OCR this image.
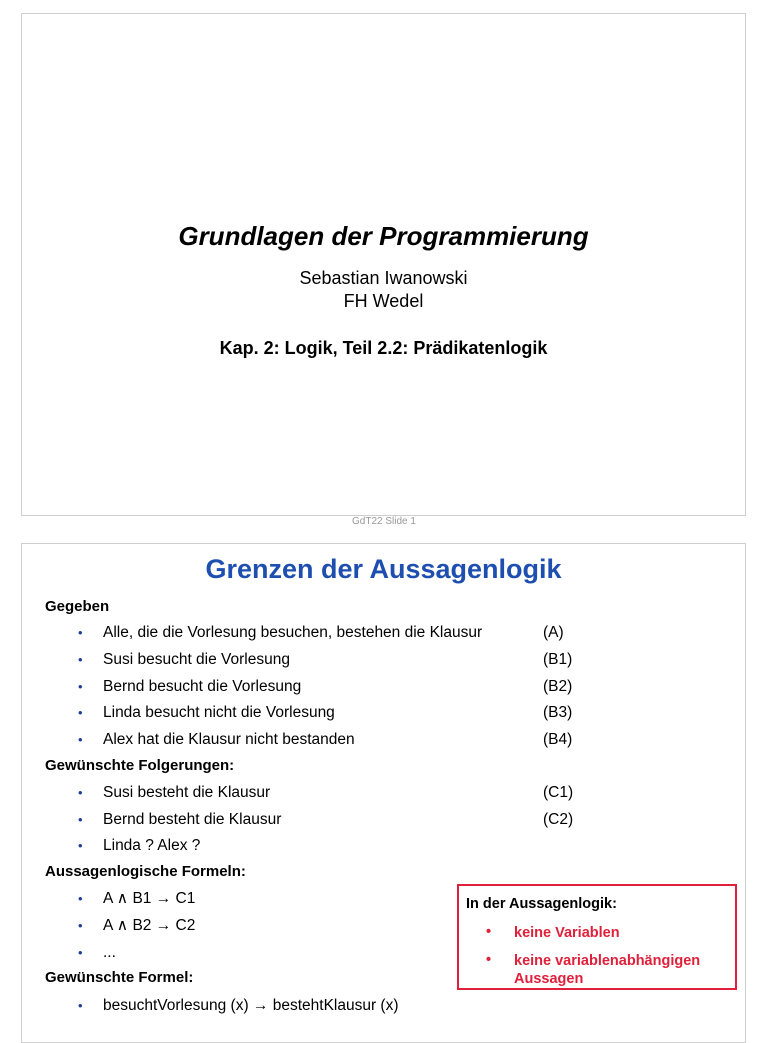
Grundlagen der Programmierung
Sebastian Iwanowski
FH Wedel
Kap. 2: Logik, Teil 2.2: Prädikatenlogik
GdT22 Slide 1
Grenzen der Aussagenlogik
Gegeben
• Alle, die die Vorlesung besuchen, bestehen die Klausur	(A)
• Susi besucht die Vorlesung	(B1)
• Bernd besucht die Vorlesung	(B2)
• Linda besucht nicht die Vorlesung	(B3)
• Alex hat die Klausur nicht bestanden	(B4)
Gewünschte Folgerungen:
• Susi besteht die Klausur	(C1)
• Bernd besteht die Klausur	(C2)
• Linda ? Alex ?
Aussagenlogische Formeln:
• A ∧ B1 → C1
• A ∧ B2 → C2
• ...
Gewünschte Formel:
• besuchtVorlesung (x) → bestehtKlausur (x)
In der Aussagenlogik:
• keine Variablen
• keine variablenabhängigen Aussagen
